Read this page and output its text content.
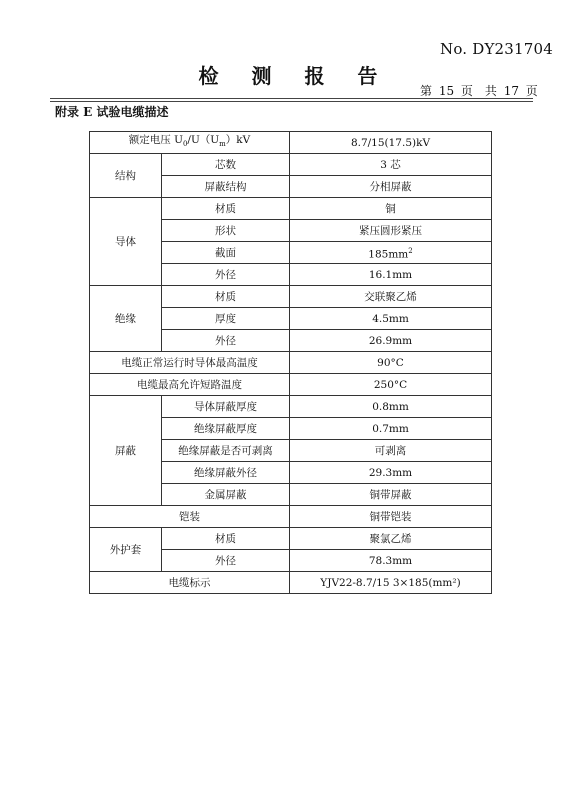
No. DY231704
检 测 报 告
第 15 页　共 17 页
附录 E 试验电缆描述
额定电压 $U_0/U(U_m)kV$		8.7/15(17.5)kV
结构	芯数	3 芯
	屏蔽结构	分相屏蔽
导体	材质	铜
	形状	紧压圆形紧压
	截面	$185mm^2$
	外径	16.1mm
绝缘	材质	交联聚乙烯
	厚度	4.5mm
	外径	26.9mm
电缆正常运行时导体最高温度		90°C
电缆最高允许短路温度		250°C
屏蔽	导体屏蔽厚度	0.8mm
	绝缘屏蔽厚度	0.7mm
	绝缘屏蔽是否可剥离	可剥离
	绝缘屏蔽外径	29.3mm
	金属屏蔽	铜带屏蔽
铠装		铜带铠装
外护套	材质	聚氯乙烯
	外径	78.3mm
电缆标示		YJV22-8.7/15 3×185(mm²)
